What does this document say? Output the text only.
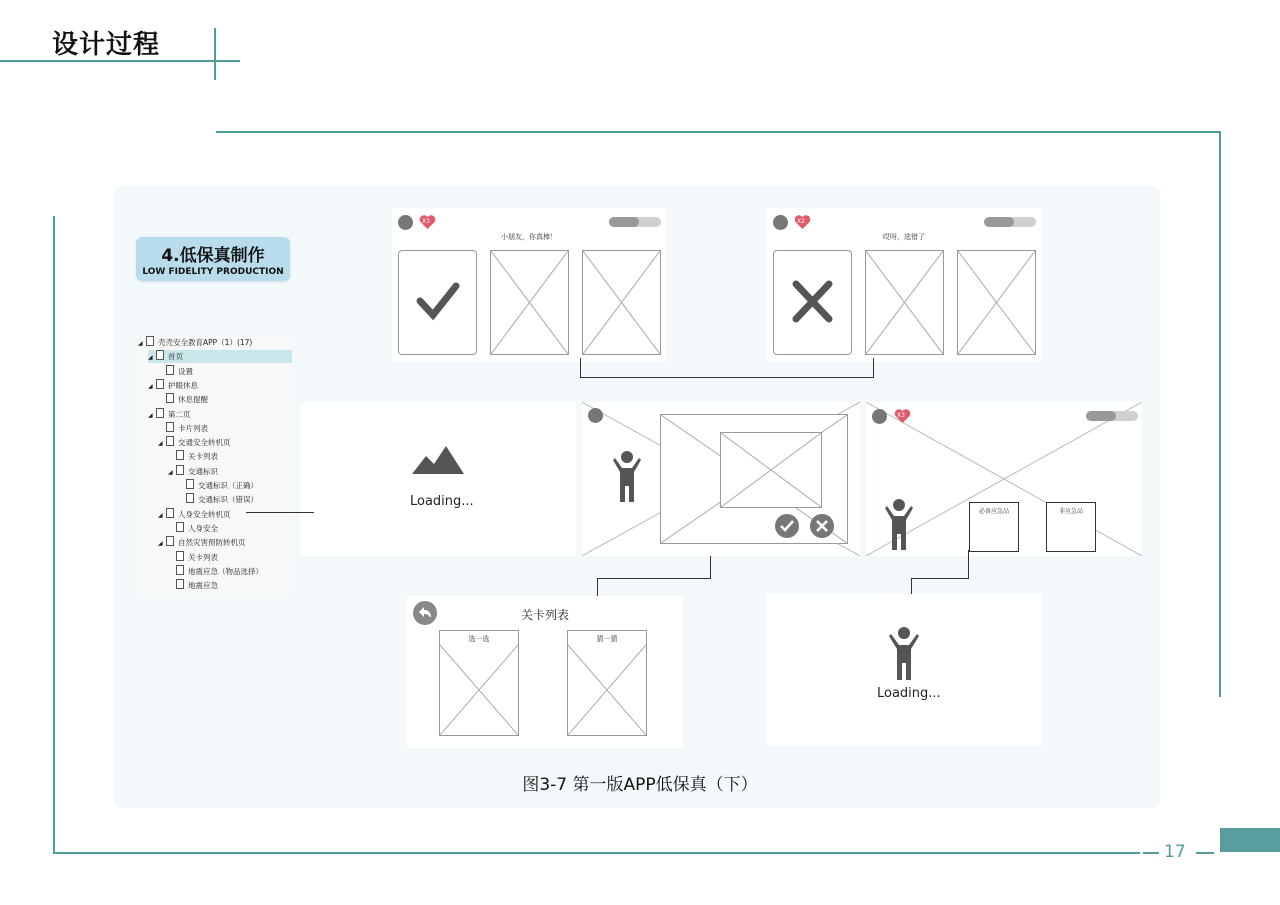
设计过程
4.低保真制作
LOW FIDELITY PRODUCTION
◢ 壳壳安全教育APP（1）(17)
◢ 首页
设置
◢ 护眼休息
休息提醒
◢ 第二页
卡片列表
◢ 交通安全转机页
关卡列表
◢ 交通标识
交通标识（正确）
交通标识（错误）
◢ 人身安全转机页
人身安全
◢ 自然灾害预防转机页
关卡列表
地震应急（物品选择）
地震应急
X3
小朋友，你真棒！
X2
哎呀，选错了
Loading...
X3
必备应急品	非应急品
关卡列表
选一选	猜一猜
Loading...
图3-7 第一版APP低保真（下）
17
